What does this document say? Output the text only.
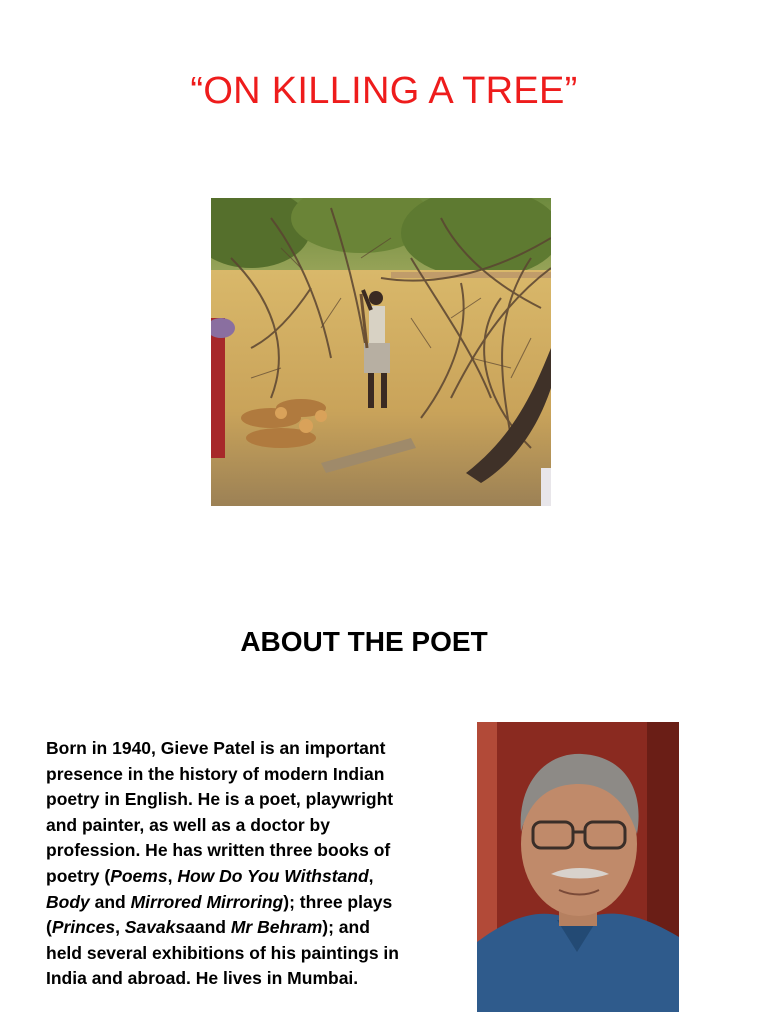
“ON KILLING A TREE”
ABOUT THE POET
Born in 1940, Gieve Patel is an important presence in the history of modern Indian poetry in English. He is a poet, playwright and painter, as well as a doctor by profession. He has written three books of poetry (Poems, How Do You Withstand, Body and Mirrored Mirroring); three plays (Princes, Savaksaand Mr Behram); and held several exhibitions of his paintings in India and abroad. He lives in Mumbai.
